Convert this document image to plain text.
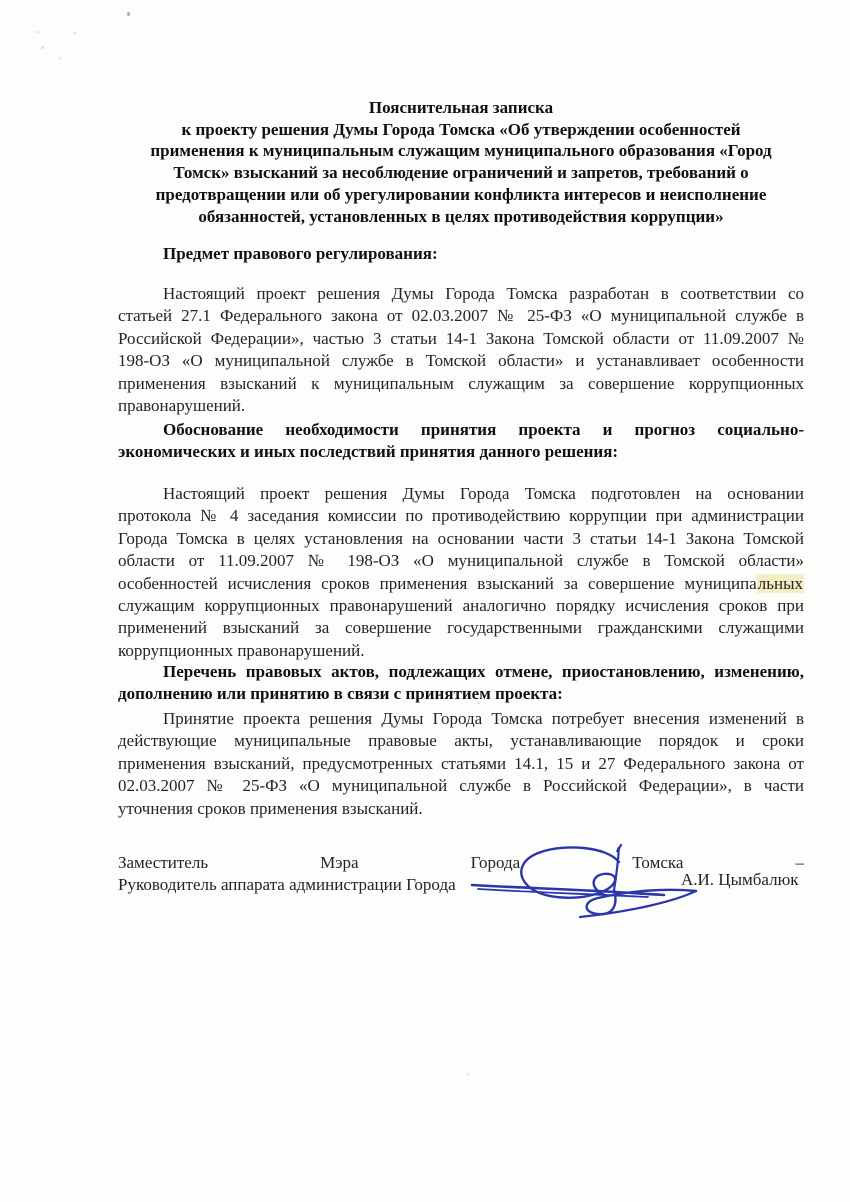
Пояснительная записка
к проекту решения Думы Города Томска «Об утверждении особенностей
применения к муниципальным служащим муниципального образования «Город
Томск» взысканий за несоблюдение ограничений и запретов, требований о
предотвращении или об урегулировании конфликта интересов и неисполнение
обязанностей, установленных в целях противодействия коррупции»
Предмет правового регулирования:
Настоящий проект решения Думы Города Томска разработан в соответствии со
статьей 27.1 Федерального закона от 02.03.2007 № 25-ФЗ «О муниципальной службе в
Российской Федерации», частью 3 статьи 14-1 Закона Томской области от 11.09.2007 №
198-ОЗ «О муниципальной службе в Томской области» и устанавливает особенности
применения взысканий к муниципальным служащим за совершение коррупционных
правонарушений.
Обоснование необходимости принятия проекта и прогноз социально-
экономических и иных последствий принятия данного решения:
Настоящий проект решения Думы Города Томска подготовлен на основании
протокола № 4 заседания комиссии по противодействию коррупции при администрации
Города Томска в целях установления на основании части 3 статьи 14-1 Закона Томской
области от 11.09.2007 № 198-ОЗ «О муниципальной службе в Томской области»
особенностей исчисления сроков применения взысканий за совершение муниципальных
служащим коррупционных правонарушений аналогично порядку исчисления сроков при
применений взысканий за совершение государственными гражданскими служащими
коррупционных правонарушений.
Перечень правовых актов, подлежащих отмене, приостановлению, изменению,
дополнению или принятию в связи с принятием проекта:
Принятие проекта решения Думы Города Томска потребует внесения изменений в
действующие муниципальные правовые акты, устанавливающие порядок и сроки
применения взысканий, предусмотренных статьями 14.1, 15 и 27 Федерального закона от
02.03.2007 № 25-ФЗ «О муниципальной службе в Российской Федерации», в части
уточнения сроков применения взысканий.
Заместитель Мэра Города Томска –
Руководитель аппарата администрации Города	А.И. Цымбалюк
